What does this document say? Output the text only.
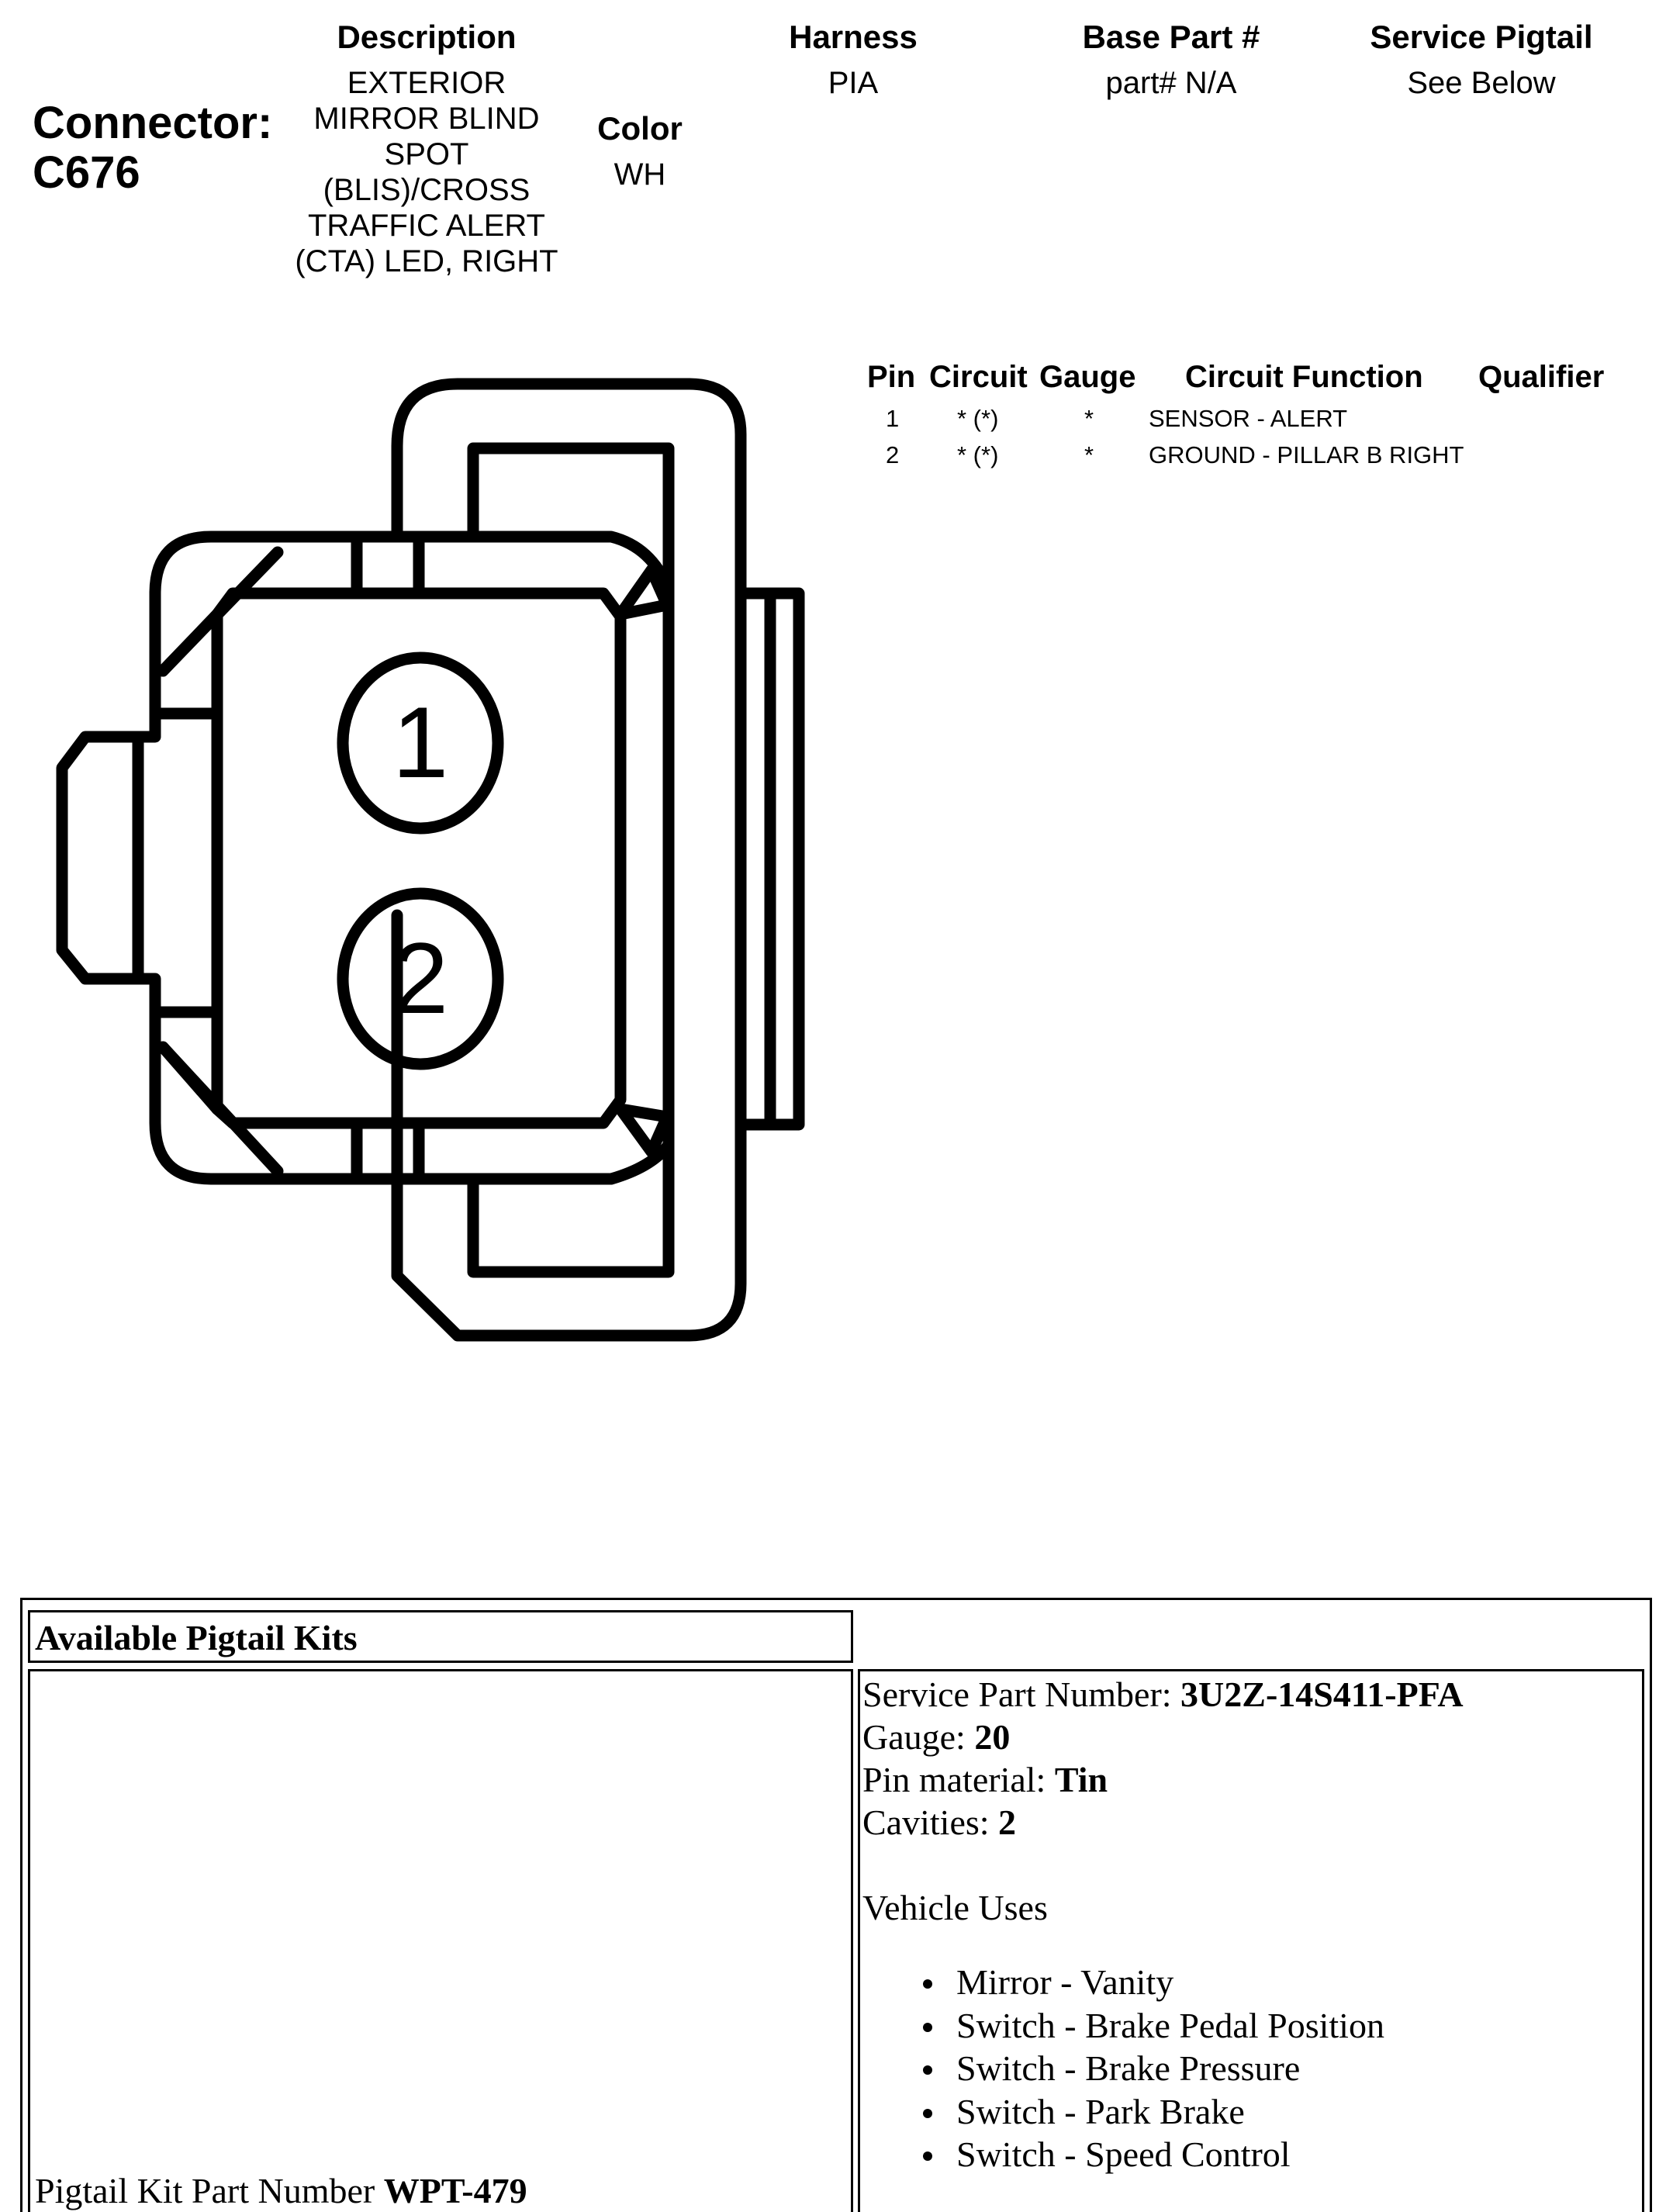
Description
EXTERIOR
MIRROR BLIND
SPOT
(BLIS)/CROSS
TRAFFIC ALERT
(CTA) LED, RIGHT
Harness
PIA
Base Part #
part# N/A
Service Pigtail
See Below
Color
WH
Connector:
C676
Pin Circuit Gauge Circuit Function Qualifier
1 * (*)	* SENSOR - ALERT
2 * (*)	* GROUND - PILLAR B RIGHT
1
2
Available Pigtail Kits
Pigtail Kit Part Number WPT-479
Service Part Number: 3U2Z-14S411-PFA
Gauge: 20
Pin material: Tin
Cavities: 2
Vehicle Uses
Mirror - Vanity
Switch - Brake Pedal Position
Switch - Brake Pressure
Switch - Park Brake
Switch - Speed Control
